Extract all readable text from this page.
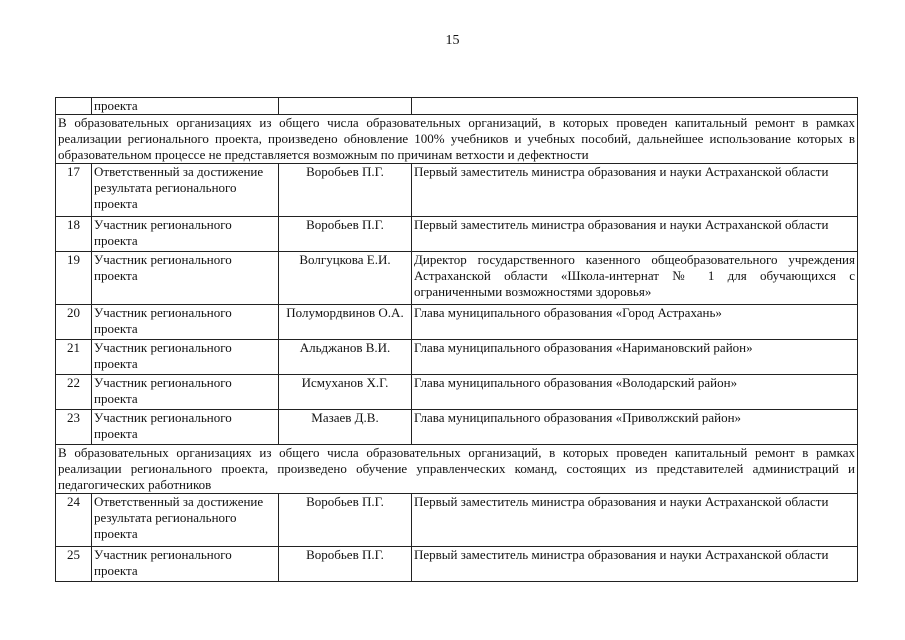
15
	проекта		
В образовательных организациях из общего числа образовательных организаций, в которых проведен капитальный ремонт в рамках реализации регионального проекта, произведено обновление 100% учебников и учебных пособий, дальнейшее использование которых в образовательном процессе не представляется возможным по причинам ветхости и дефектности			
17	Ответственный за достижение результата регионального проекта	Воробьев П.Г.	Первый заместитель министра образования и науки Астраханской области
18	Участник регионального проекта	Воробьев П.Г.	Первый заместитель министра образования и науки Астраханской области
19	Участник регионального проекта	Волгуцкова Е.И.	Директор государственного казенного общеобразовательного учреждения Астраханской области «Школа-интернат № 1 для обучающихся с ограниченными возможностями здоровья»
20	Участник регионального проекта	Полумордвинов О.А.	Глава муниципального образования «Город Астрахань»
21	Участник регионального проекта	Альджанов В.И.	Глава муниципального образования «Наримановский район»
22	Участник регионального проекта	Исмуханов Х.Г.	Глава муниципального образования «Володарский район»
23	Участник регионального проекта	Мазаев Д.В.	Глава муниципального образования «Приволжский район»
В образовательных организациях из общего числа образовательных организаций, в которых проведен капитальный ремонт в рамках реализации регионального проекта, произведено обучение управленческих команд, состоящих из представителей администраций и педагогических работников			
24	Ответственный за достижение результата регионального проекта	Воробьев П.Г.	Первый заместитель министра образования и науки Астраханской области
25	Участник регионального проекта	Воробьев П.Г.	Первый заместитель министра образования и науки Астраханской области
